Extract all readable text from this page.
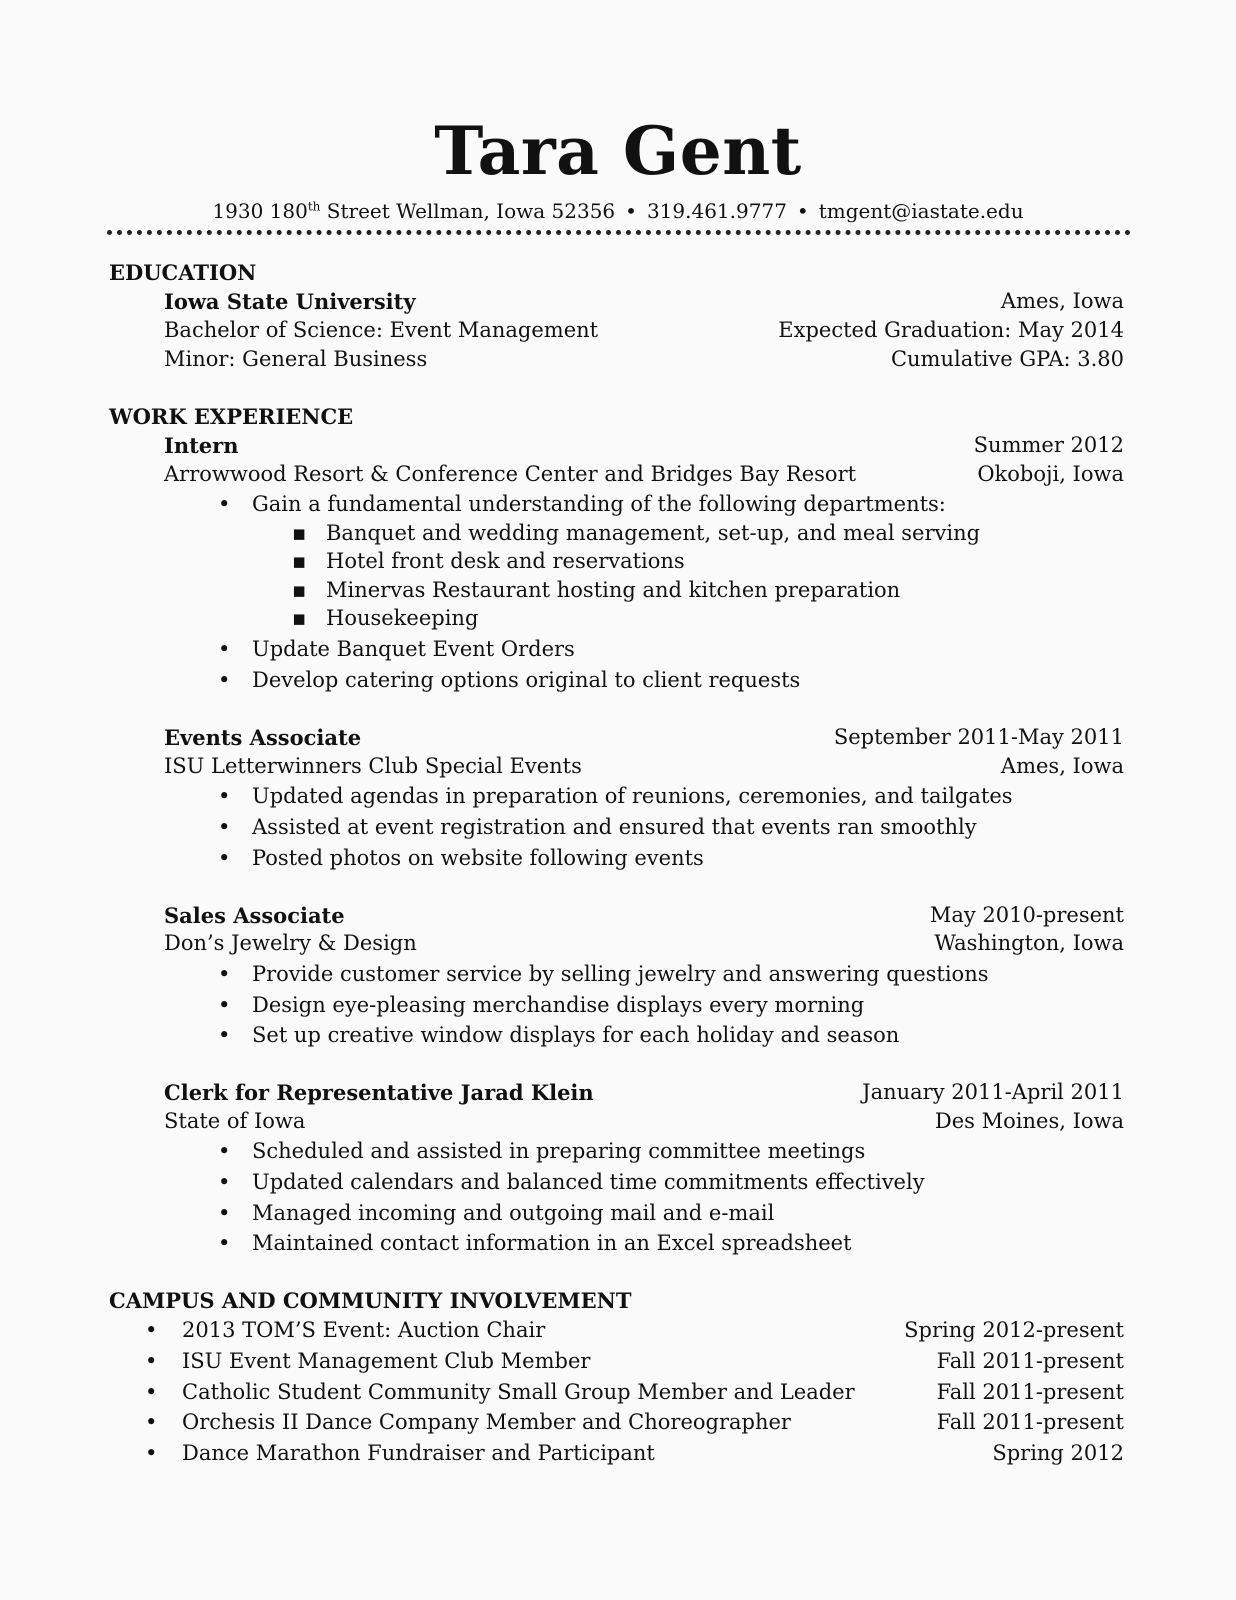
Tara Gent
1930 180th Street Wellman, Iowa 52356 • 319.461.9777 • tmgent@iastate.edu
EDUCATION
Iowa State University	Ames, Iowa
Bachelor of Science: Event Management	Expected Graduation: May 2014
Minor: General Business	Cumulative GPA: 3.80
WORK EXPERIENCE
Intern	Summer 2012
Arrowwood Resort & Conference Center and Bridges Bay Resort	Okoboji, Iowa
• Gain a fundamental understanding of the following departments:
▪ Banquet and wedding management, set-up, and meal serving
▪ Hotel front desk and reservations
▪ Minervas Restaurant hosting and kitchen preparation
▪ Housekeeping
• Update Banquet Event Orders
• Develop catering options original to client requests
Events Associate	September 2011-May 2011
ISU Letterwinners Club Special Events	Ames, Iowa
• Updated agendas in preparation of reunions, ceremonies, and tailgates
• Assisted at event registration and ensured that events ran smoothly
• Posted photos on website following events
Sales Associate	May 2010-present
Don’s Jewelry & Design	Washington, Iowa
• Provide customer service by selling jewelry and answering questions
• Design eye-pleasing merchandise displays every morning
• Set up creative window displays for each holiday and season
Clerk for Representative Jarad Klein	January 2011-April 2011
State of Iowa	Des Moines, Iowa
• Scheduled and assisted in preparing committee meetings
• Updated calendars and balanced time commitments effectively
• Managed incoming and outgoing mail and e-mail
• Maintained contact information in an Excel spreadsheet
CAMPUS AND COMMUNITY INVOLVEMENT
• 2013 TOM’S Event: Auction Chair	Spring 2012-present
• ISU Event Management Club Member	Fall 2011-present
• Catholic Student Community Small Group Member and Leader	Fall 2011-present
• Orchesis II Dance Company Member and Choreographer	Fall 2011-present
• Dance Marathon Fundraiser and Participant	Spring 2012
